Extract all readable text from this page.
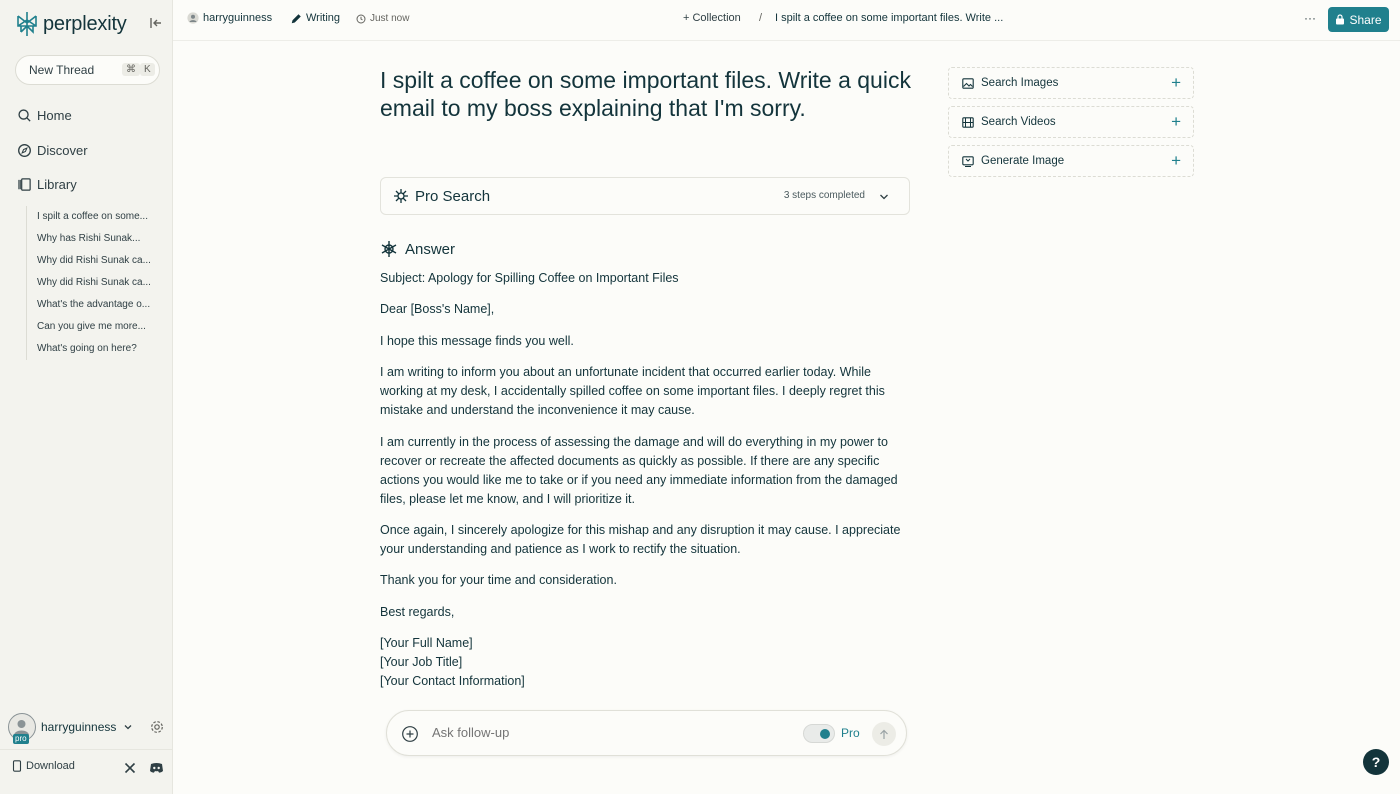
perplexity
New Thread	⌘ K
Home
Discover
Library
I spilt a coffee on some...
Why has Rishi Sunak...
Why did Rishi Sunak ca...
Why did Rishi Sunak ca...
What's the advantage o...
Can you give me more...
What's going on here?
pro
harryguinness
Download
harryguinness	Writing	Just now	+ Collection / I spilt a coffee on some important files. Write ...	···	Share
I spilt a coffee on some important files. Write a quick email to my boss explaining that I'm sorry.
Pro Search	3 steps completed
Answer

Subject: Apology for Spilling Coffee on Important Files

Dear [Boss's Name],

I hope this message finds you well.

I am writing to inform you about an unfortunate incident that occurred earlier today. While working at my desk, I accidentally spilled coffee on some important files. I deeply regret this mistake and understand the inconvenience it may cause.

I am currently in the process of assessing the damage and will do everything in my power to recover or recreate the affected documents as quickly as possible. If there are any specific actions you would like me to take or if you need any immediate information from the damaged files, please let me know, and I will prioritize it.

Once again, I sincerely apologize for this mishap and any disruption it may cause. I appreciate your understanding and patience as I work to rectify the situation.

Thank you for your time and consideration.

Best regards,

[Your Full Name]
[Your Job Title]
[Your Contact Information]
Search Images	+
Search Videos	+
Generate Image	+
Ask follow-up
Pro
?
